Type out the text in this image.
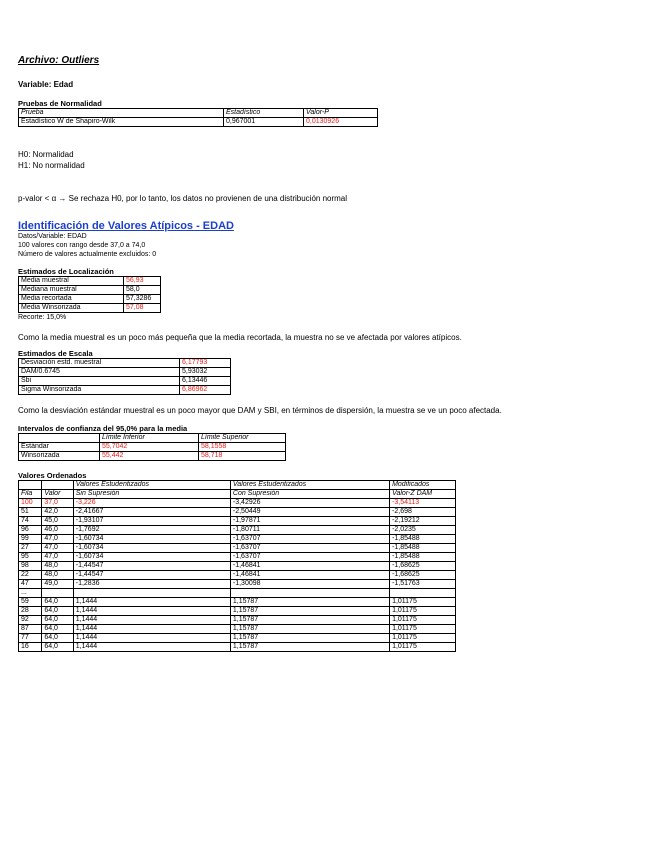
Archivo: Outliers
Variable: Edad
Pruebas de Normalidad
Prueba	Estadístico	Valor-P
Estadístico W de Shapiro-Wilk	0,967001	0,0130926
H0: Normalidad
H1: No normalidad
p-valor < α → Se rechaza H0, por lo tanto, los datos no provienen de una distribución normal
Identificación de Valores Atípicos - EDAD
Datos/Variable: EDAD
100 valores con rango desde 37,0 a 74,0
Número de valores actualmente excluidos: 0
Estimados de Localización
Media muestral	56,93
Mediana muestral	58,0
Media recortada	57,3286
Media Winsorizada	57,08
Recorte: 15,0%
Como la media muestral es un poco más pequeña que la media recortada, la muestra no se ve afectada por valores atípicos.
Estimados de Escala
Desviación estd. muestral	6,17793
DAM/0.6745	5,93032
Sbi	6,13446
Sigma Winsorizada	6,86962
Como la desviación estándar muestral es un poco mayor que DAM y SBI, en términos de dispersión, la muestra se ve un poco afectada.
Intervalos de confianza del 95,0% para la media
	Límite Inferior	Límite Superior
Estándar	55,7042	58,1558
Winsorizada	55,442	58,718
Valores Ordenados
		Valores Estudentizados	Valores Estudentizados	Modificados
Fila	Valor	Sin Supresión	Con Supresión	Valor-Z DAM
100	37,0	-3,226	-3,42926	-3,54113
51	42,0	-2,41667	-2,50449	-2,698
74	45,0	-1,93107	-1,97871	-2,19212
96	46,0	-1,7692	-1,80711	-2,0235
99	47,0	-1,60734	-1,63707	-1,85488
27	47,0	-1,60734	-1,63707	-1,85488
95	47,0	-1,60734	-1,63707	-1,85488
98	48,0	-1,44547	-1,46841	-1,68625
22	48,0	-1,44547	-1,46841	-1,68625
47	49,0	-1,2836	-1,30098	-1,51763
...				
59	64,0	1,1444	1,15787	1,01175
28	64,0	1,1444	1,15787	1,01175
92	64,0	1,1444	1,15787	1,01175
87	64,0	1,1444	1,15787	1,01175
77	64,0	1,1444	1,15787	1,01175
16	64,0	1,1444	1,15787	1,01175
